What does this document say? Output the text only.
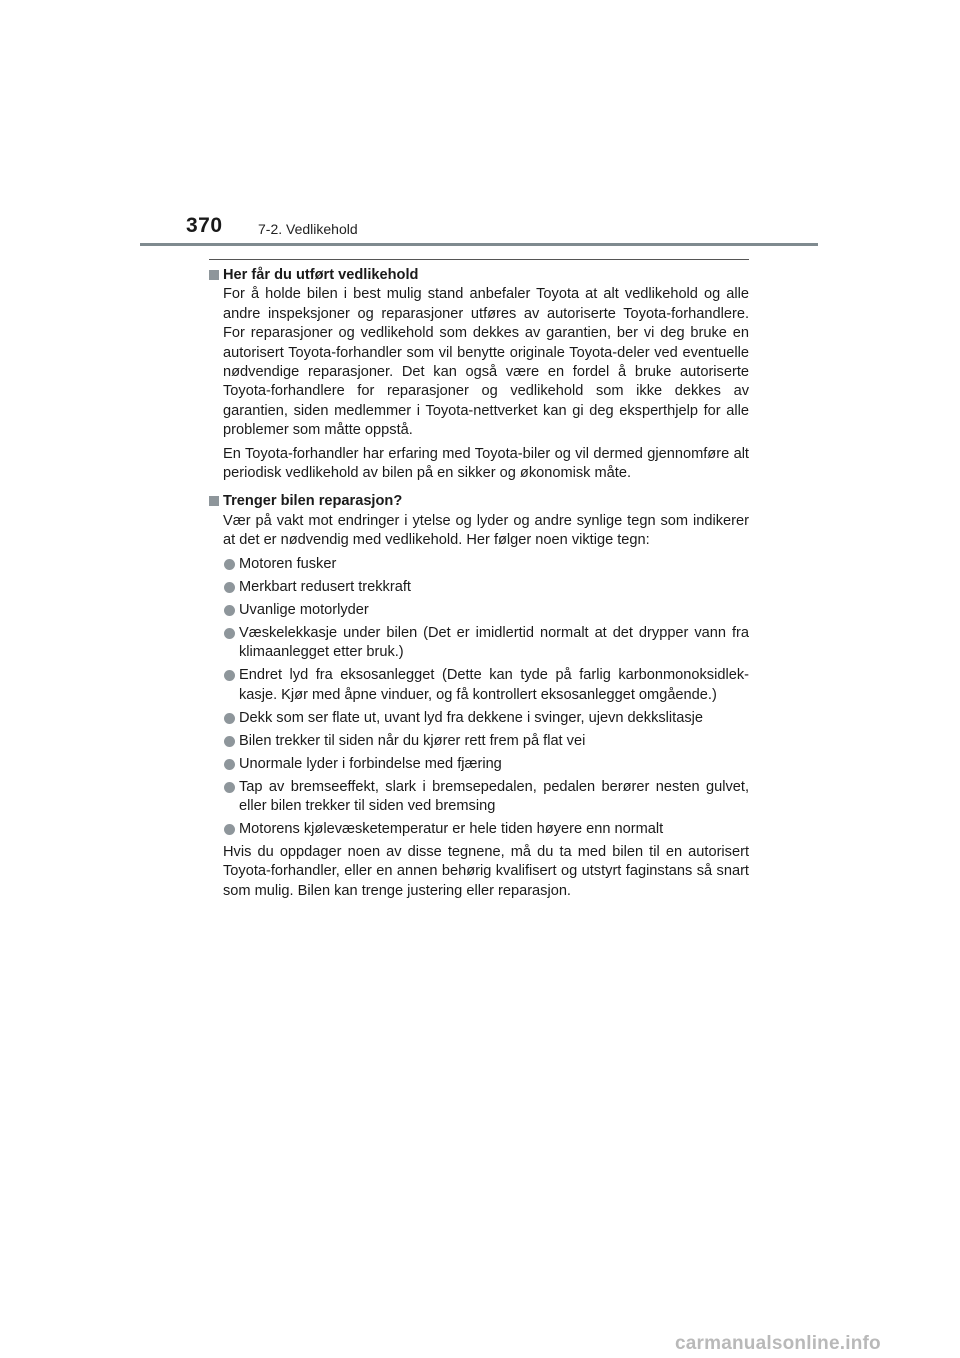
370	7-2. Vedlikehold
Her får du utført vedlikehold

For å holde bilen i best mulig stand anbefaler Toyota at alt vedlikehold og alle andre inspeksjoner og reparasjoner utføres av autoriserte Toyota-forhandlere. For reparasjoner og vedlikehold som dekkes av garantien, ber vi deg bruke en autorisert Toyota-forhandler som vil benytte originale Toyota-deler ved eventuelle nødvendige reparasjoner. Det kan også være en fordel å bruke autoriserte Toyota-forhandlere for reparasjoner og vedlikehold som ikke dekkes av garantien, siden medlemmer i Toyota-nettverket kan gi deg eksperthjelp for alle problemer som måtte oppstå.

En Toyota-forhandler har erfaring med Toyota-biler og vil dermed gjennomføre alt periodisk vedlikehold av bilen på en sikker og økonomisk måte.

Trenger bilen reparasjon?

Vær på vakt mot endringer i ytelse og lyder og andre synlige tegn som indikerer at det er nødvendig med vedlikehold. Her følger noen viktige tegn:

Motoren fusker
Merkbart redusert trekkraft
Uvanlige motorlyder
Væskelekkasje under bilen (Det er imidlertid normalt at det drypper vann fra klimaanlegget etter bruk.)
Endret lyd fra eksosanlegget (Dette kan tyde på farlig karbonmonoksidlekkasje. Kjør med åpne vinduer, og få kontrollert eksosanlegget omgående.)
Dekk som ser flate ut, uvant lyd fra dekkene i svinger, ujevn dekkslitasje
Bilen trekker til siden når du kjører rett frem på flat vei
Unormale lyder i forbindelse med fjæring
Tap av bremseeffekt, slark i bremsepedalen, pedalen berører nesten gulvet, eller bilen trekker til siden ved bremsing
Motorens kjølevæsketemperatur er hele tiden høyere enn normalt

Hvis du oppdager noen av disse tegnene, må du ta med bilen til en autorisert Toyota-forhandler, eller en annen behørig kvalifisert og utstyrt faginstans så snart som mulig. Bilen kan trenge justering eller reparasjon.

carmanualsonline.info
